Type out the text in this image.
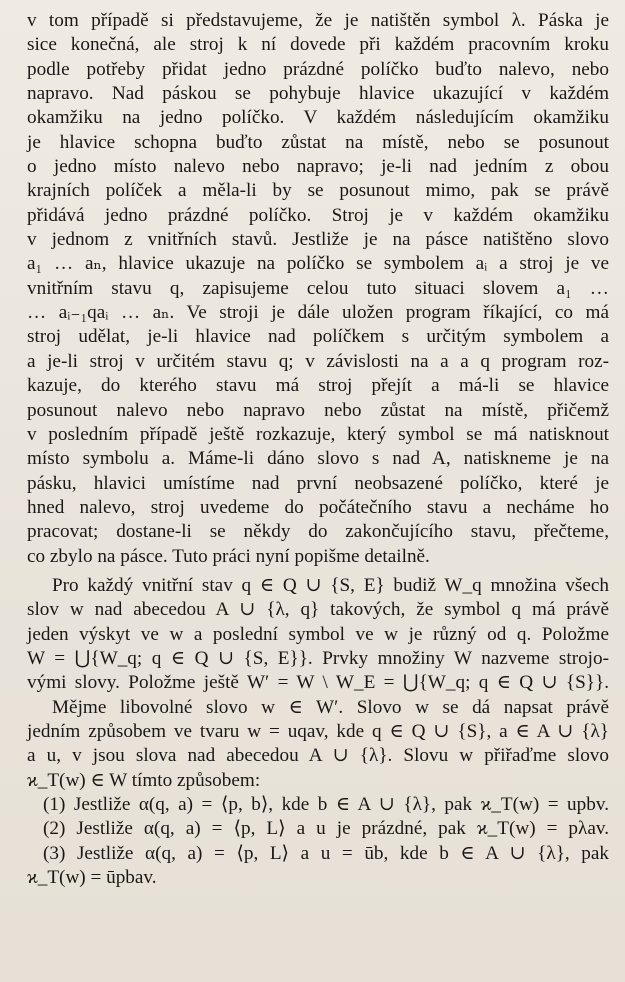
v tom případě si představujeme, že je natištěn symbol λ. Páska je
sice konečná, ale stroj k ní dovede při každém pracovním kroku
podle potřeby přidat jedno prázdné políčko buďto nalevo, nebo
napravo. Nad páskou se pohybuje hlavice ukazující v každém
okamžiku na jedno políčko. V každém následujícím okamžiku
je hlavice schopna buďto zůstat na místě, nebo se posunout
o jedno místo nalevo nebo napravo; je-li nad jedním z obou
krajních políček a měla-li by se posunout mimo, pak se právě
přidává jedno prázdné políčko. Stroj je v každém okamžiku
v jednom z vnitřních stavů. Jestliže je na pásce natištěno slovo
a₁ … aₙ, hlavice ukazuje na políčko se symbolem aᵢ a stroj je ve
vnitřním stavu q, zapisujeme celou tuto situaci slovem a₁ …
… aᵢ₋₁qaᵢ … aₙ. Ve stroji je dále uložen program říkající, co má
stroj udělat, je-li hlavice nad políčkem s určitým symbolem a
a je-li stroj v určitém stavu q; v závislosti na a a q program roz-
kazuje, do kterého stavu má stroj přejít a má-li se hlavice
posunout nalevo nebo napravo nebo zůstat na místě, přičemž
v posledním případě ještě rozkazuje, který symbol se má natisknout
místo symbolu a. Máme-li dáno slovo s nad A, natiskneme je na
pásku, hlavici umístíme nad první neobsazené políčko, které je
hned nalevo, stroj uvedeme do počátečního stavu a necháme ho
pracovat; dostane-li se někdy do zakončujícího stavu, přečteme,
co zbylo na pásce. Tuto práci nyní popišme detailně.

Pro každý vnitřní stav q ∈ Q ∪ {S, E} budiž W_q množina všech
slov w nad abecedou A ∪ {λ, q} takových, že symbol q má právě
jeden výskyt ve w a poslední symbol ve w je různý od q. Položme
W = ⋃{W_q; q ∈ Q ∪ {S, E}}. Prvky množiny W nazveme strojo-
vými slovy. Položme ještě W′ = W \ W_E = ⋃{W_q; q ∈ Q ∪ {S}}.

Mějme libovolné slovo w ∈ W′. Slovo w se dá napsat právě
jedním způsobem ve tvaru w = uqav, kde q ∈ Q ∪ {S}, a ∈ A ∪ {λ}
a u, v jsou slova nad abecedou A ∪ {λ}. Slovu w přiřaďme slovo
ϰ_T(w) ∈ W tímto způsobem:

(1) Jestliže α(q, a) = ⟨p, b⟩, kde b ∈ A ∪ {λ}, pak ϰ_T(w) = upbv.
(2) Jestliže α(q, a) = ⟨p, L⟩ a u je prázdné, pak ϰ_T(w) = pλav.
(3) Jestliže α(q, a) = ⟨p, L⟩ a u = ūb, kde b ∈ A ∪ {λ}, pak
ϰ_T(w) = ūpbav.
